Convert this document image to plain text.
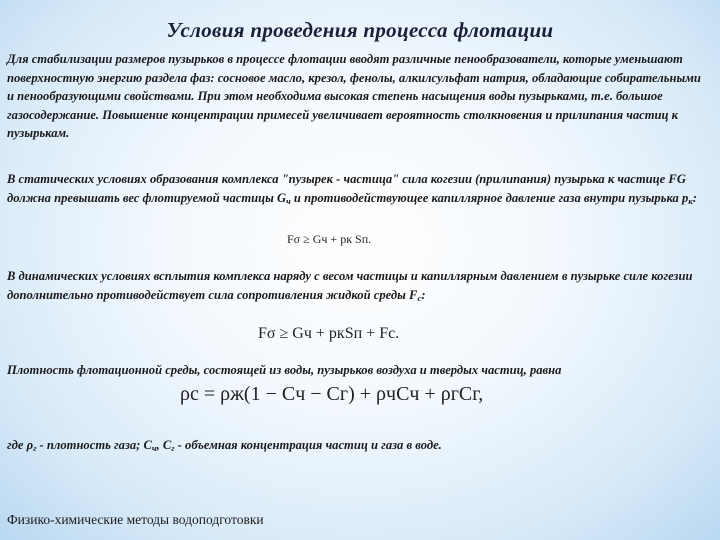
Условия проведения процесса флотации
Для стабилизации размеров пузырьков в процессе флотации вводят различные пенообразователи, которые уменьшают поверхностную энергию раздела фаз: сосновое масло, крезол, фенолы, алкилсульфат натрия, обладающие собирательными и пенообразующими свойствами. При этом необходима высокая степень насыщения воды пузырьками, т.е. большое газосодержание. Повышение концентрации примесей увеличивает вероятность столкновения и прилипания частиц к пузырькам.
В статических условиях образования комплекса "пузырек - частица" сила когезии (прилипания) пузырька к частице FG должна превышать вес флотируемой частицы $G_ч$ и противодействующее капиллярное давление газа внутри пузырька $p_к$:
Fσ ≥ Gч + pк Sп.
В динамических условиях всплытия комплекса наряду с весом частицы и капиллярным давлением в пузырьке силе когезии дополнительно противодействует сила сопротивления жидкой среды $F_c$:
Fσ ≥ Gч + pкSп + Fc.
Плотность флотационной среды, состоящей из воды, пузырьков воздуха и твердых частиц, равна
ρc = ρж(1 − Cч − Cг) + ρчCч + ρгCг,
где $\rho_г$ - плотность газа; $С_ч$, $С_г$ - объемная концентрация частиц и газа в воде.
Физико-химические методы водоподготовки
